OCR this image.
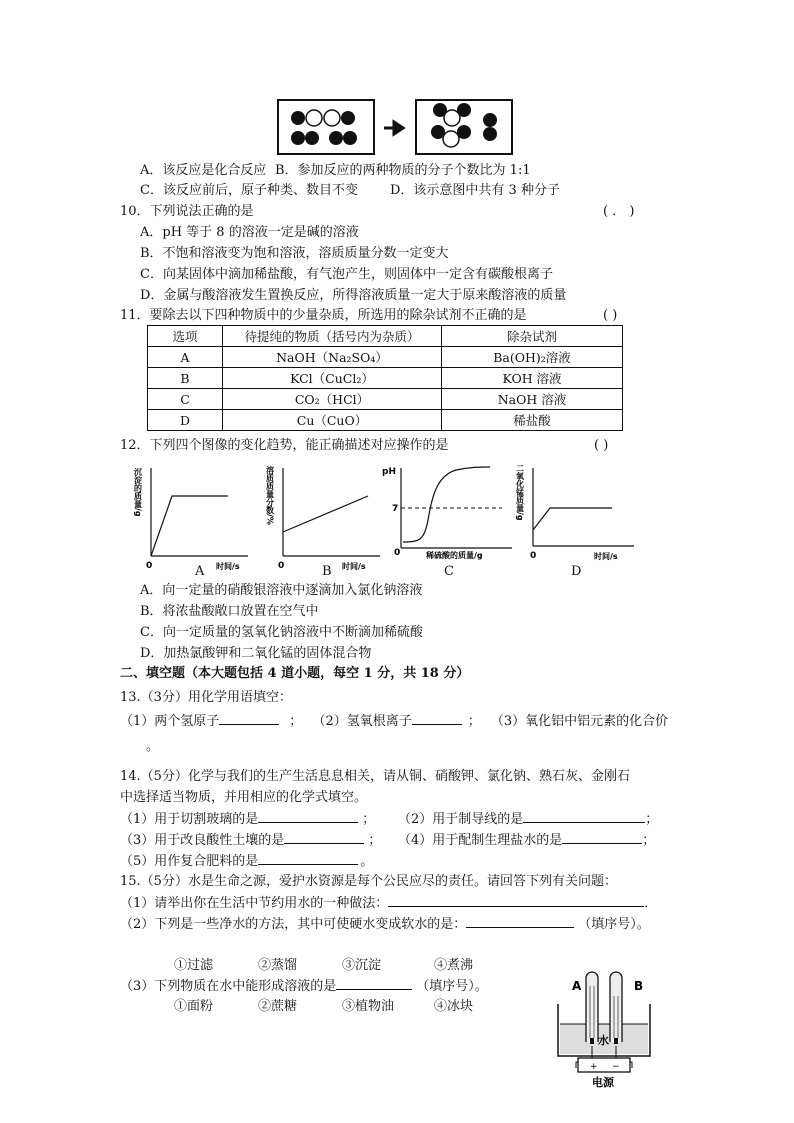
A．该反应是化合反应 B．参加反应的两种物质的分子个数比为 1:1
C．该反应前后，原子种类、数目不变 D．该示意图中共有 3 种分子
10．下列说法正确的是	( ． )
A．pH 等于 8 的溶液一定是碱的溶液
B．不饱和溶液变为饱和溶液，溶质质量分数一定变大
C．向某固体中滴加稀盐酸，有气泡产生，则固体中一定含有碳酸根离子
D．金属与酸溶液发生置换反应，所得溶液质量一定大于原来酸溶液的质量
11．要除去以下四种物质中的少量杂质，所选用的除杂试剂不正确的是	( )
选项	待提纯的物质（括号内为杂质）	除杂试剂
A	NaOH（Na₂SO₄）	Ba(OH)₂溶液
B	KCl（CuCl₂）	KOH 溶液
C	CO₂（HCl）	NaOH 溶液
D	Cu（CuO）	稀盐酸
12．下列四个图像的变化趋势，能正确描述对应操作的是	( )
沉淀的质量/g
0	时间/s
A
溶质质量分数/%
0	时间/s
B
pH
7
0	稀硫酸的质量/g
C
二氧化锰质量/g
0	时间/s
D
A．向一定量的硝酸银溶液中逐滴加入氯化钠溶液
B．将浓盐酸敞口放置在空气中
C．向一定质量的氢氧化钠溶液中不断滴加稀硫酸
D．加热氯酸钾和二氧化锰的固体混合物
二、填空题（本大题包括 4 道小题，每空 1 分，共 18 分）
13.（3分）用化学用语填空：
（1）两个氢原子	； （2）氢氧根离子	； （3）氧化铝中铝元素的化合价
。
14.（5分）化学与我们的生产生活息息相关，请从铜、硝酸钾、氯化钠、熟石灰、金刚石
中选择适当物质，并用相应的化学式填空。
（1）用于切割玻璃的是	； （2）用于制导线的是	；
（3）用于改良酸性土壤的是	； （4）用于配制生理盐水的是	；
（5）用作复合肥料的是	。
15.（5分）水是生命之源，爱护水资源是每个公民应尽的责任。请回答下列有关问题：
（1）请举出你在生活中节约用水的一种做法：	．
（2）下列是一些净水的方法，其中可使硬水变成软水的是：	（填序号）。
①过滤	②蒸馏	③沉淀	④煮沸
（3）下列物质在水中能形成溶液的是	（填序号）。
①面粉	②蔗糖	③植物油	④冰块
A	B
水
+ −
电源
